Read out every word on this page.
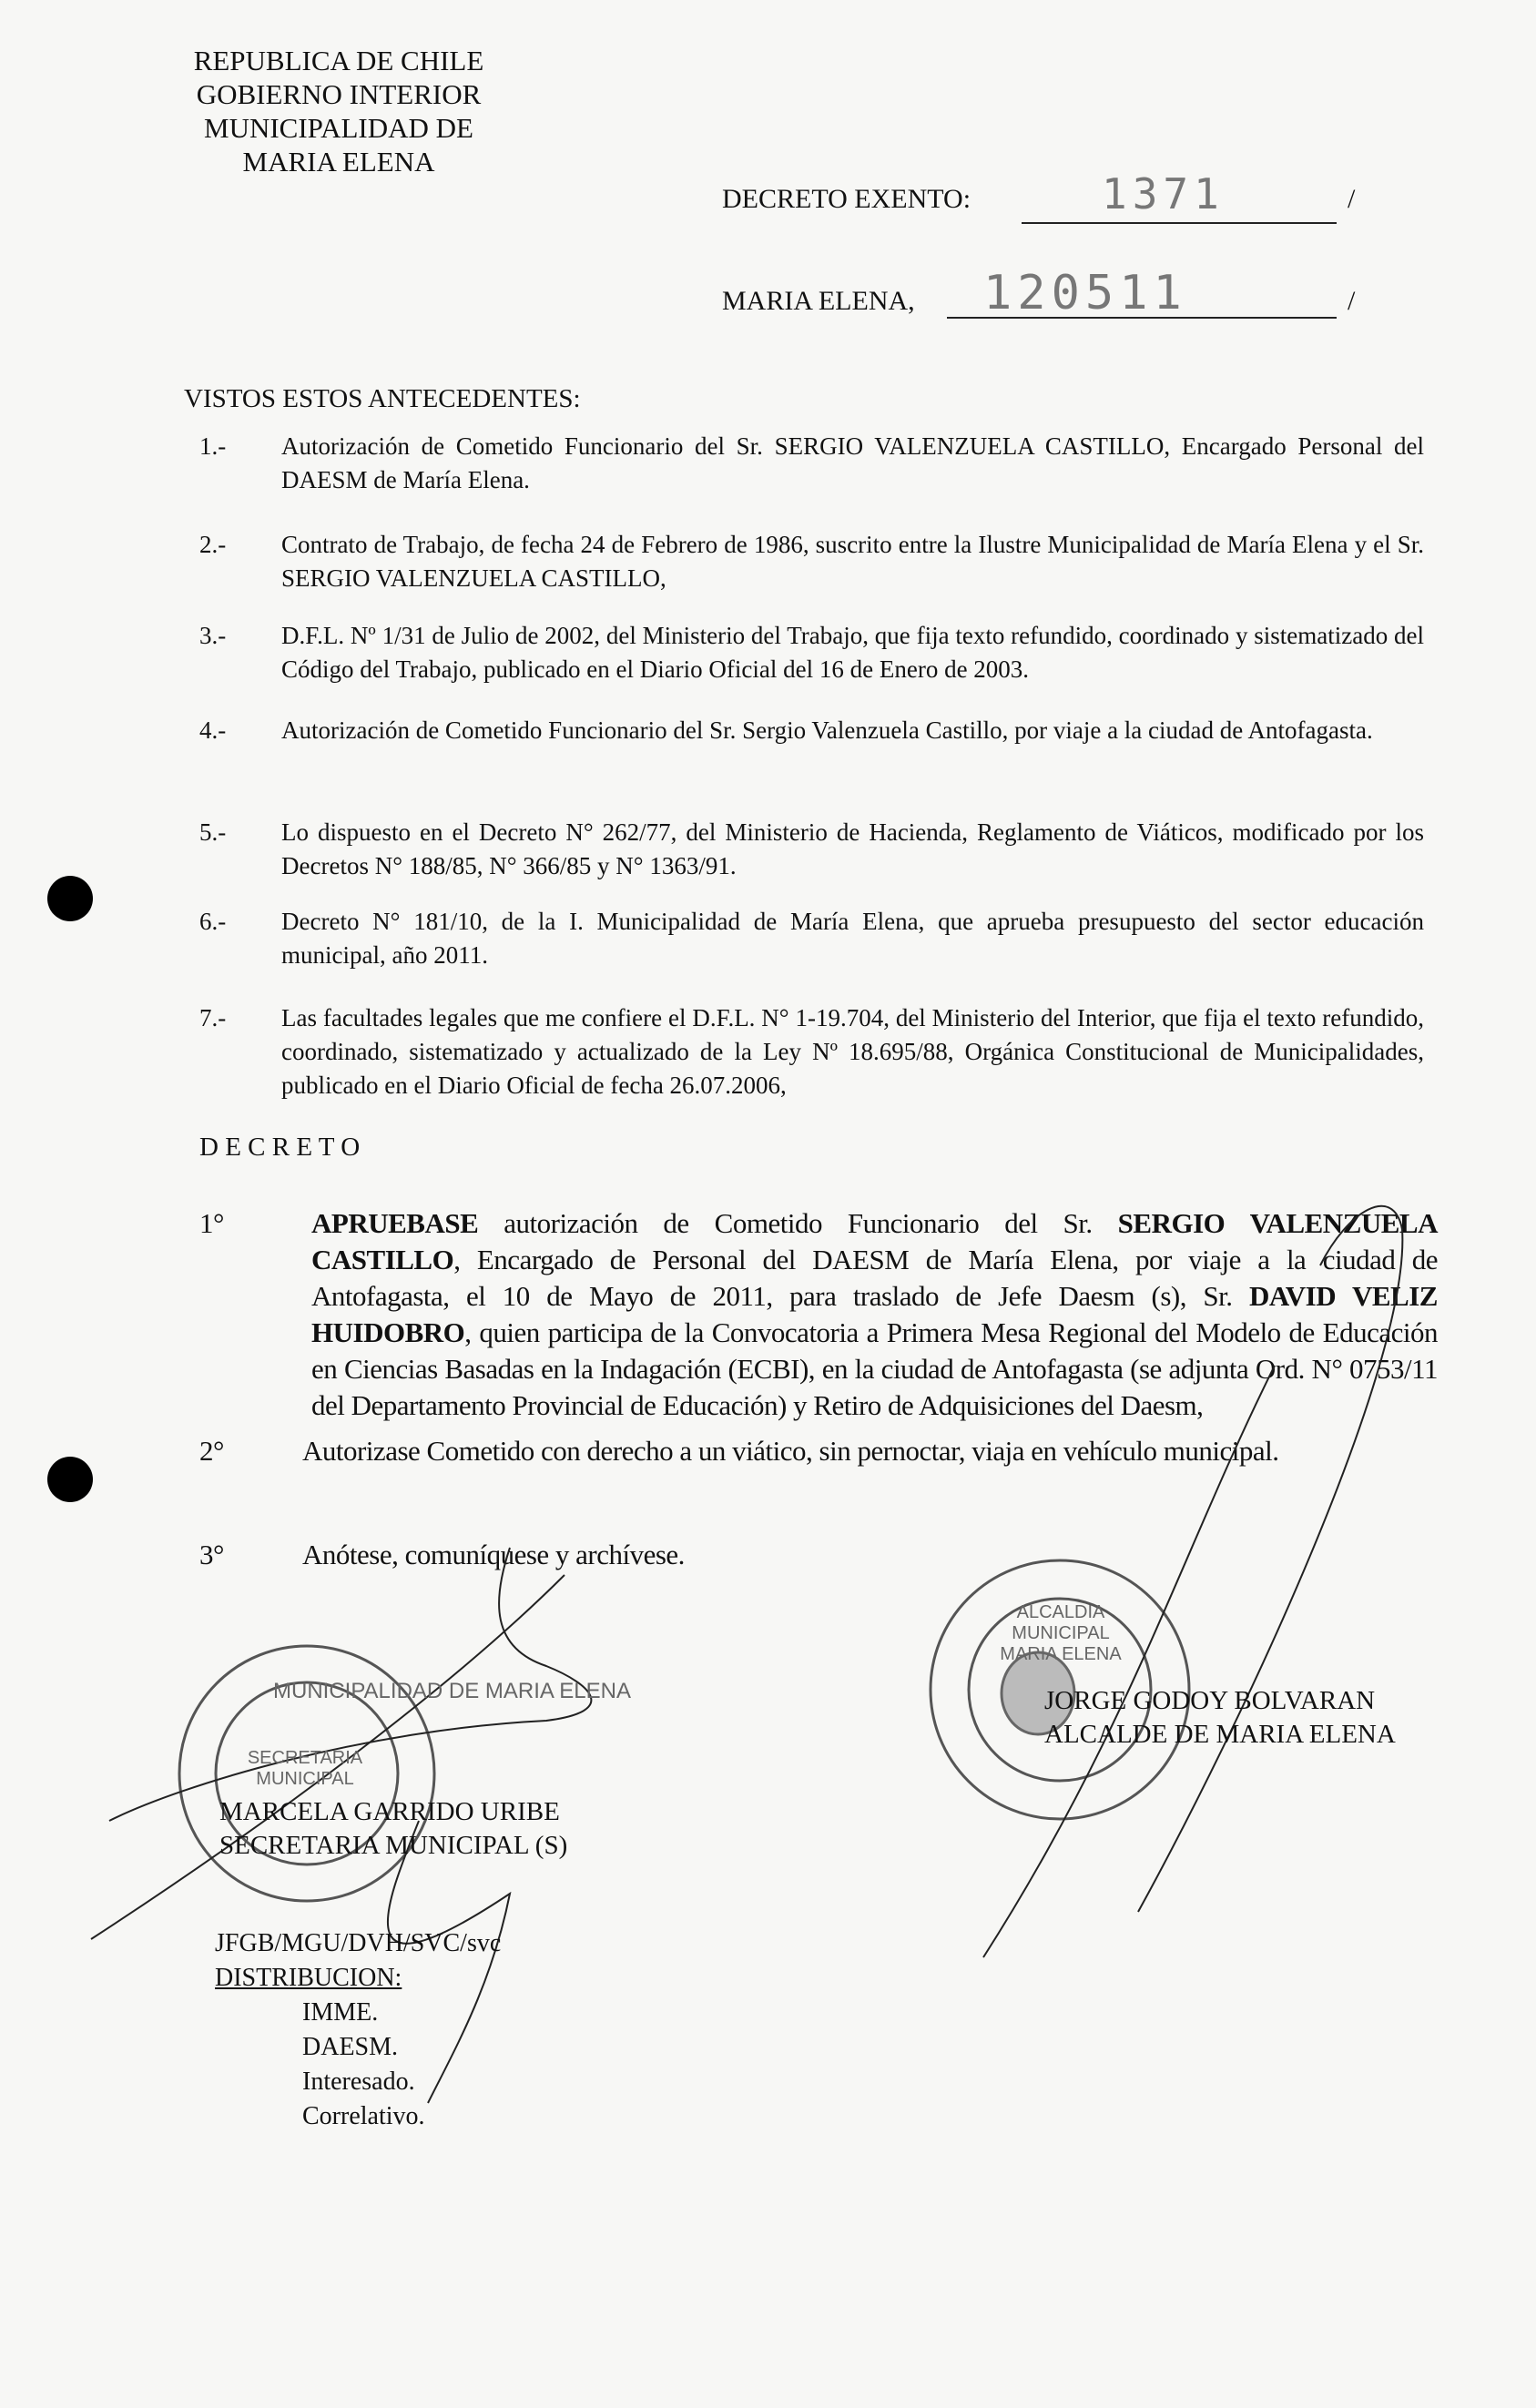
REPUBLICA DE CHILE
GOBIERNO INTERIOR
MUNICIPALIDAD DE
MARIA ELENA
DECRETO EXENTO:	1371	/
MARIA ELENA, 120511	/
VISTOS ESTOS ANTECEDENTES:
1.- Autorización de Cometido Funcionario del Sr. SERGIO VALENZUELA CASTILLO, Encargado Personal del DAESM de María Elena.
2.- Contrato de Trabajo, de fecha 24 de Febrero de 1986, suscrito entre la Ilustre Municipalidad de María Elena y el Sr. SERGIO VALENZUELA CASTILLO,
3.- D.F.L. Nº 1/31 de Julio de 2002, del Ministerio del Trabajo, que fija texto refundido, coordinado y sistematizado del Código del Trabajo, publicado en el Diario Oficial del 16 de Enero de 2003.
4.- Autorización de Cometido Funcionario del Sr. Sergio Valenzuela Castillo, por viaje a la ciudad de Antofagasta.
5.- Lo dispuesto en el Decreto N° 262/77, del Ministerio de Hacienda, Reglamento de Viáticos, modificado por los Decretos N° 188/85, N° 366/85 y N° 1363/91.
6.- Decreto N° 181/10, de la I. Municipalidad de María Elena, que aprueba presupuesto del sector educación municipal, año 2011.
7.- Las facultades legales que me confiere el D.F.L. N° 1-19.704, del Ministerio del Interior, que fija el texto refundido, coordinado, sistematizado y actualizado de la Ley Nº 18.695/88, Orgánica Constitucional de Municipalidades, publicado en el Diario Oficial de fecha 26.07.2006,
D E C R E T O
1°	APRUEBASE autorización de Cometido Funcionario del Sr. SERGIO VALENZUELA CASTILLO, Encargado de Personal del DAESM de María Elena, por viaje a la ciudad de Antofagasta, el 10 de Mayo de 2011, para traslado de Jefe Daesm (s), Sr. DAVID VELIZ HUIDOBRO, quien participa de la Convocatoria a Primera Mesa Regional del Modelo de Educación en Ciencias Basadas en la Indagación (ECBI), en la ciudad de Antofagasta (se adjunta Ord. N° 0753/11 del Departamento Provincial de Educación) y Retiro de Adquisiciones del Daesm,
2°	Autorizase Cometido con derecho a un viático, sin pernoctar, viaja en vehículo municipal.
3°	Anótese, comuníquese y archívese.
MUNICIPALIDAD DE MARIA ELENA	JORGE GODOY BOLVARAN
ALCALDE DE MARIA ELENA
ALCALDIA MUNICIPAL MARIA ELENA
SECRETARIA MUNICIPAL
MARCELA GARRIDO URIBE
SECRETARIA MUNICIPAL (S)
JFGB/MGU/DVH/SVC/svc
DISTRIBUCION:
IMME.
DAESM.
Interesado.
Correlativo.
